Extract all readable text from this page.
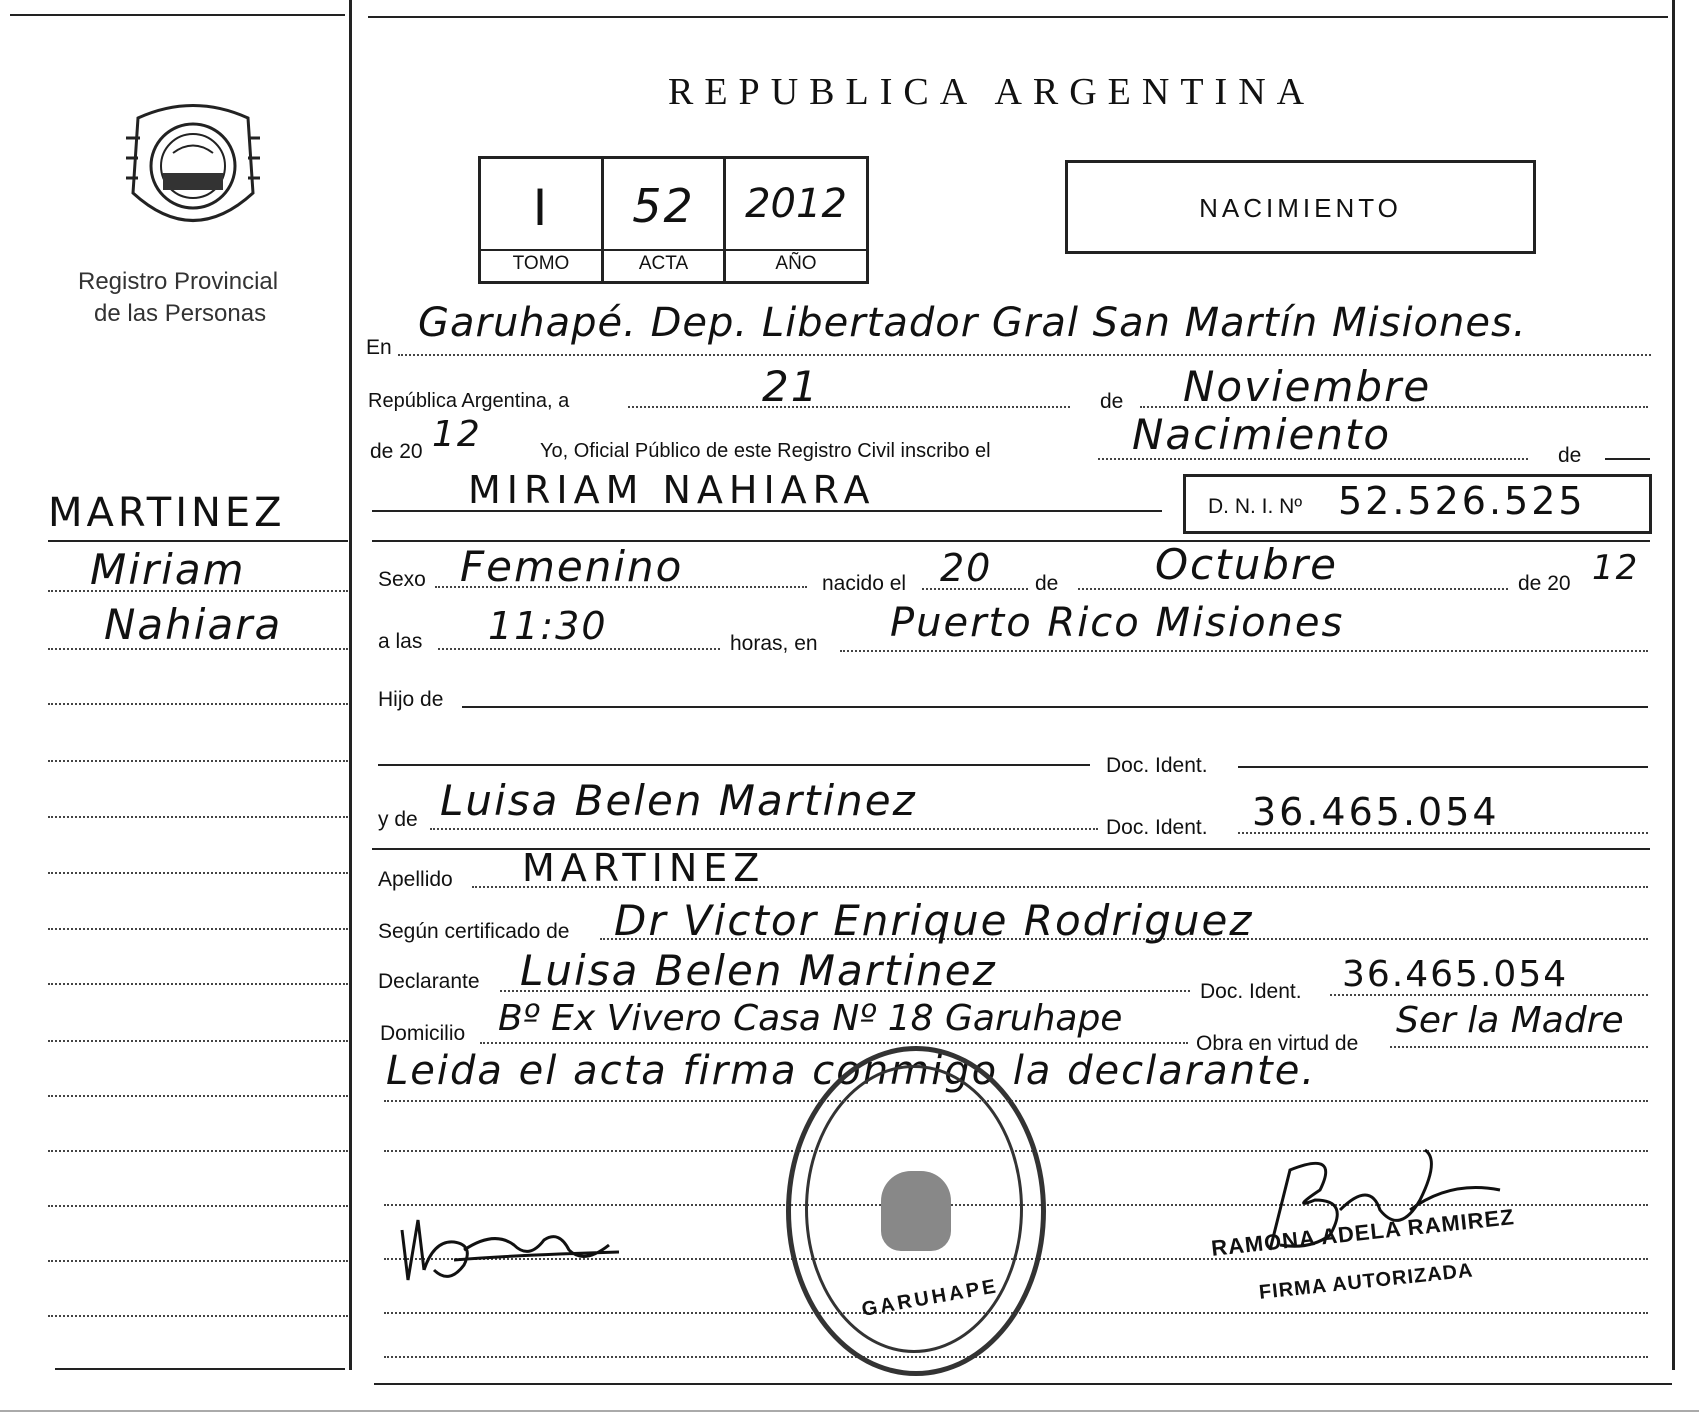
Registro Provincial
de las Personas
MARTINEZ
Miriam
Nahiara
REPUBLICA ARGENTINA
I	52	2012
TOMO	ACTA	AÑO
NACIMIENTO
En
Garuhapé. Dep. Libertador Gral San Martín Misiones.
República Argentina, a	21	de Noviembre
de 20 12	Yo, Oficial Público de este Registro Civil inscribo el	Nacimiento	de
MIRIAM NAHIARA	D. N. I. Nº 52.526.525
Sexo Femenino	nacido el 20 de Octubre	de 20 12
a las 11:30	horas, en Puerto Rico Misiones
Hijo de
Doc. Ident.
y de Luisa Belen Martinez
Doc. Ident. 36.465.054
Apellido MARTINEZ
Según certificado de Dr Victor Enrique Rodriguez
Declarante Luisa Belen Martinez	Doc. Ident. 36.465.054
Domicilio Bº Ex Vivero Casa Nº 18 Garuhape
Obra en virtud de
Ser la Madre
Leida el acta firma conmigo la declarante.
GARUHAPE
RAMONA ADELA RAMIREZ
FIRMA AUTORIZADA
